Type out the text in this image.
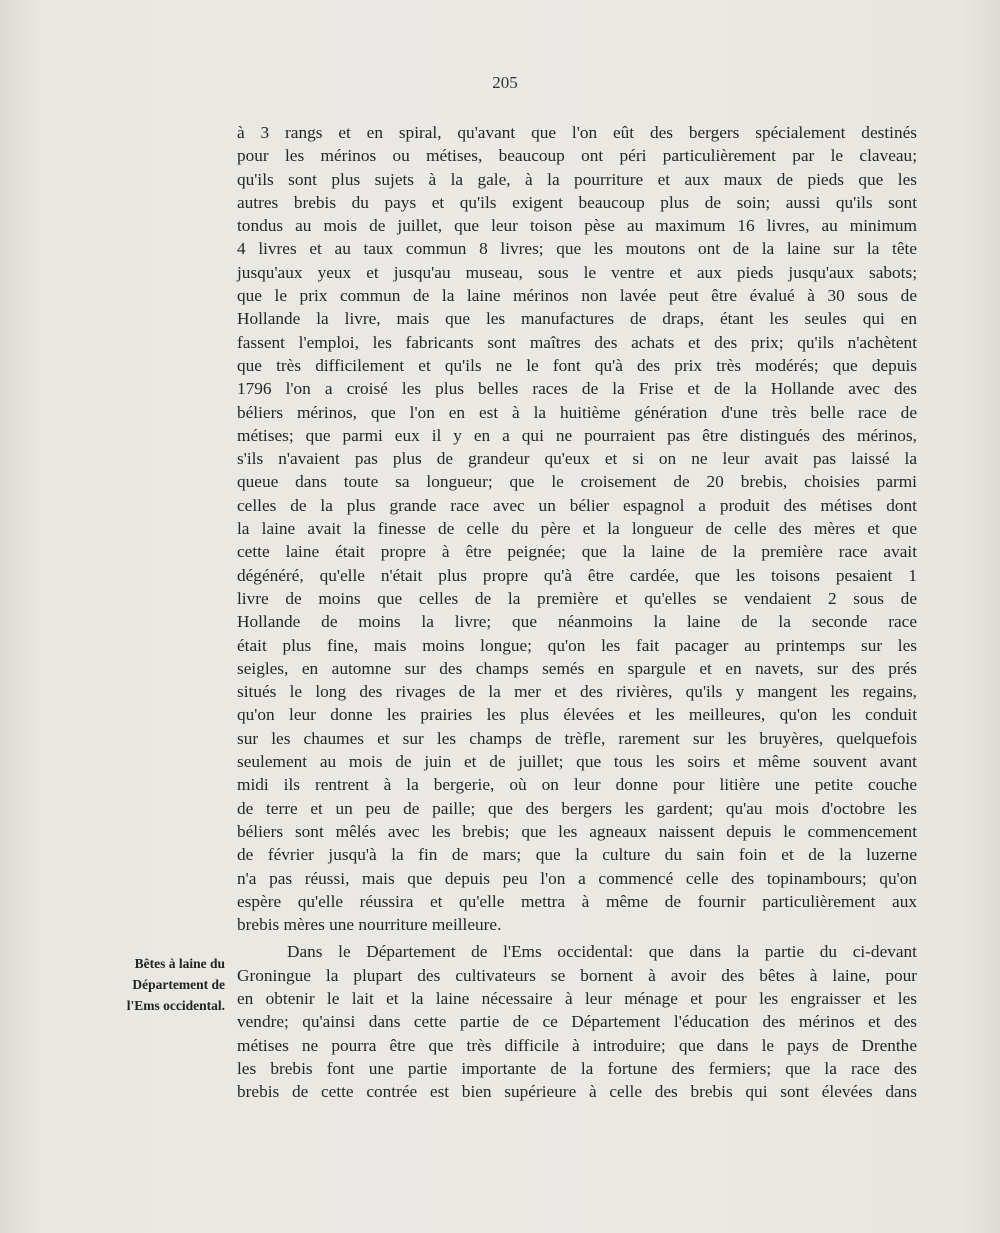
205
Bêtes à laine du
Département de
l'Ems occidental.
à 3 rangs et en spiral, qu'avant que l'on eût des bergers spécialement destinés
pour les mérinos ou métises, beaucoup ont péri particulièrement par le claveau;
qu'ils sont plus sujets à la gale, à la pourriture et aux maux de pieds que les
autres brebis du pays et qu'ils exigent beaucoup plus de soin; aussi qu'ils sont
tondus au mois de juillet, que leur toison pèse au maximum 16 livres, au minimum
4 livres et au taux commun 8 livres; que les moutons ont de la laine sur la tête
jusqu'aux yeux et jusqu'au museau, sous le ventre et aux pieds jusqu'aux sabots;
que le prix commun de la laine mérinos non lavée peut être évalué à 30 sous de
Hollande la livre, mais que les manufactures de draps, étant les seules qui en
fassent l'emploi, les fabricants sont maîtres des achats et des prix; qu'ils n'achètent
que très difficilement et qu'ils ne le font qu'à des prix très modérés; que depuis
1796 l'on a croisé les plus belles races de la Frise et de la Hollande avec des
béliers mérinos, que l'on en est à la huitième génération d'une très belle race de
métises; que parmi eux il y en a qui ne pourraient pas être distingués des mérinos,
s'ils n'avaient pas plus de grandeur qu'eux et si on ne leur avait pas laissé la
queue dans toute sa longueur; que le croisement de 20 brebis, choisies parmi
celles de la plus grande race avec un bélier espagnol a produit des métises dont
la laine avait la finesse de celle du père et la longueur de celle des mères et que
cette laine était propre à être peignée; que la laine de la première race avait
dégénéré, qu'elle n'était plus propre qu'à être cardée, que les toisons pesaient 1
livre de moins que celles de la première et qu'elles se vendaient 2 sous de
Hollande de moins la livre; que néanmoins la laine de la seconde race
était plus fine, mais moins longue; qu'on les fait pacager au printemps sur les
seigles, en automne sur des champs semés en spargule et en navets, sur des prés
situés le long des rivages de la mer et des rivières, qu'ils y mangent les regains,
qu'on leur donne les prairies les plus élevées et les meilleures, qu'on les conduit
sur les chaumes et sur les champs de trèfle, rarement sur les bruyères, quelquefois
seulement au mois de juin et de juillet; que tous les soirs et même souvent avant
midi ils rentrent à la bergerie, où on leur donne pour litière une petite couche
de terre et un peu de paille; que des bergers les gardent; qu'au mois d'octobre les
béliers sont mêlés avec les brebis; que les agneaux naissent depuis le commencement
de février jusqu'à la fin de mars; que la culture du sain foin et de la luzerne
n'a pas réussi, mais que depuis peu l'on a commencé celle des topinambours; qu'on
espère qu'elle réussira et qu'elle mettra à même de fournir particulièrement aux
brebis mères une nourriture meilleure.
Dans le Département de l'Ems occidental: que dans la partie du ci-devant
Groningue la plupart des cultivateurs se bornent à avoir des bêtes à laine, pour
en obtenir le lait et la laine nécessaire à leur ménage et pour les engraisser et les
vendre; qu'ainsi dans cette partie de ce Département l'éducation des mérinos et des
métises ne pourra être que très difficile à introduire; que dans le pays de Drenthe
les brebis font une partie importante de la fortune des fermiers; que la race des
brebis de cette contrée est bien supérieure à celle des brebis qui sont élevées dans
